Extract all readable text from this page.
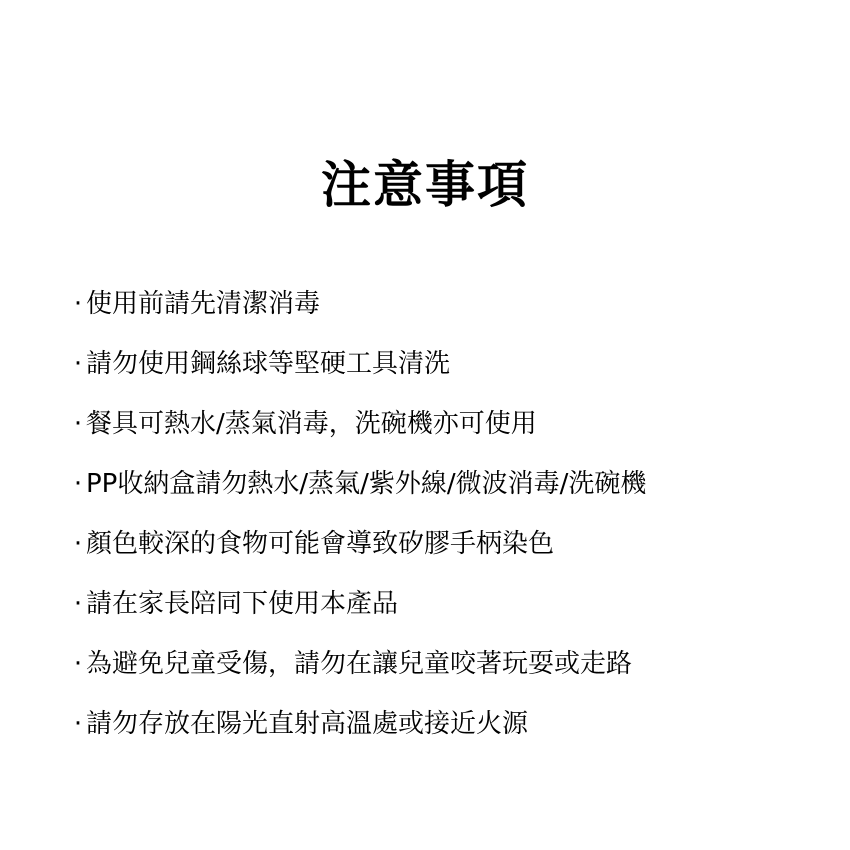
注意事項
· 使用前請先清潔消毒
· 請勿使用鋼絲球等堅硬工具清洗
· 餐具可熱水/蒸氣消毒，洗碗機亦可使用
· PP收納盒請勿熱水/蒸氣/紫外線/微波消毒/洗碗機
· 顏色較深的食物可能會導致矽膠手柄染色
· 請在家長陪同下使用本產品
· 為避免兒童受傷，請勿在讓兒童咬著玩耍或走路
· 請勿存放在陽光直射高溫處或接近火源
